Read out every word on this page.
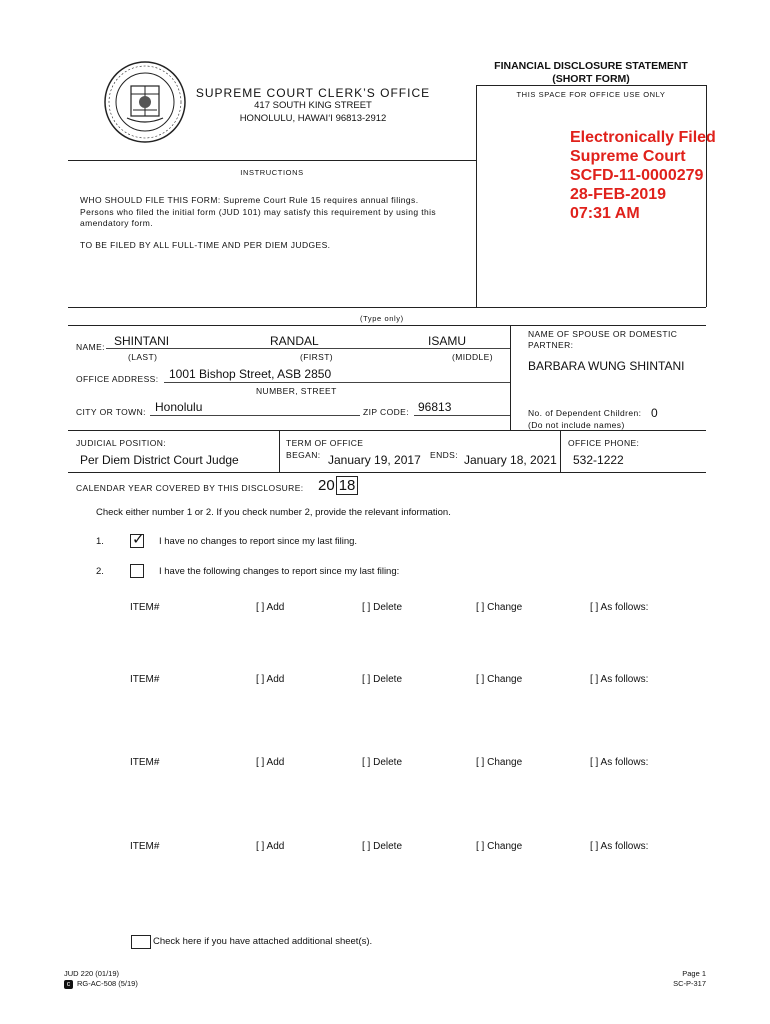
SUPREME COURT CLERK’S OFFICE
417 SOUTH KING STREET
HONOLULU, HAWAI‘I 96813-2912
FINANCIAL DISCLOSURE STATEMENT
(SHORT FORM)
THIS SPACE FOR OFFICE USE ONLY
Electronically Filed
Supreme Court
SCFD-11-0000279
28-FEB-2019
07:31 AM
INSTRUCTIONS
WHO SHOULD FILE THIS FORM: Supreme Court Rule 15 requires annual filings.
Persons who filed the initial form (JUD 101) may satisfy this requirement by using this
amendatory form.
TO BE FILED BY ALL FULL-TIME AND PER DIEM JUDGES.
(Type only)
NAME: SHINTANI	RANDAL	ISAMU
(LAST)	(FIRST)	(MIDDLE)
NAME OF SPOUSE OR DOMESTIC
PARTNER:
BARBARA WUNG SHINTANI
OFFICE ADDRESS: 1001 Bishop Street, ASB 2850
NUMBER, STREET
CITY OR TOWN: Honolulu	ZIP CODE: 96813	No. of Dependent Children: 0
(Do not include names)
JUDICIAL POSITION:
Per Diem District Court Judge
TERM OF OFFICE
BEGAN: January 19, 2017 ENDS: January 18, 2021
OFFICE PHONE:
532-1222
CALENDAR YEAR COVERED BY THIS DISCLOSURE: 20 18
Check either number 1 or 2. If you check number 2, provide the relevant information.
1. ✓ I have no changes to report since my last filing.
2.	I have the following changes to report since my last filing:
ITEM#	[ ] Add	[ ] Delete	[ ] Change	[ ] As follows:
ITEM#	[ ] Add	[ ] Delete	[ ] Change	[ ] As follows:
ITEM#	[ ] Add	[ ] Delete	[ ] Change	[ ] As follows:
ITEM#	[ ] Add	[ ] Delete	[ ] Change	[ ] As follows:
Check here if you have attached additional sheet(s).
JUD 220 (01/19)
c RG-AC-508 (5/19)
Page 1
SC-P-317
